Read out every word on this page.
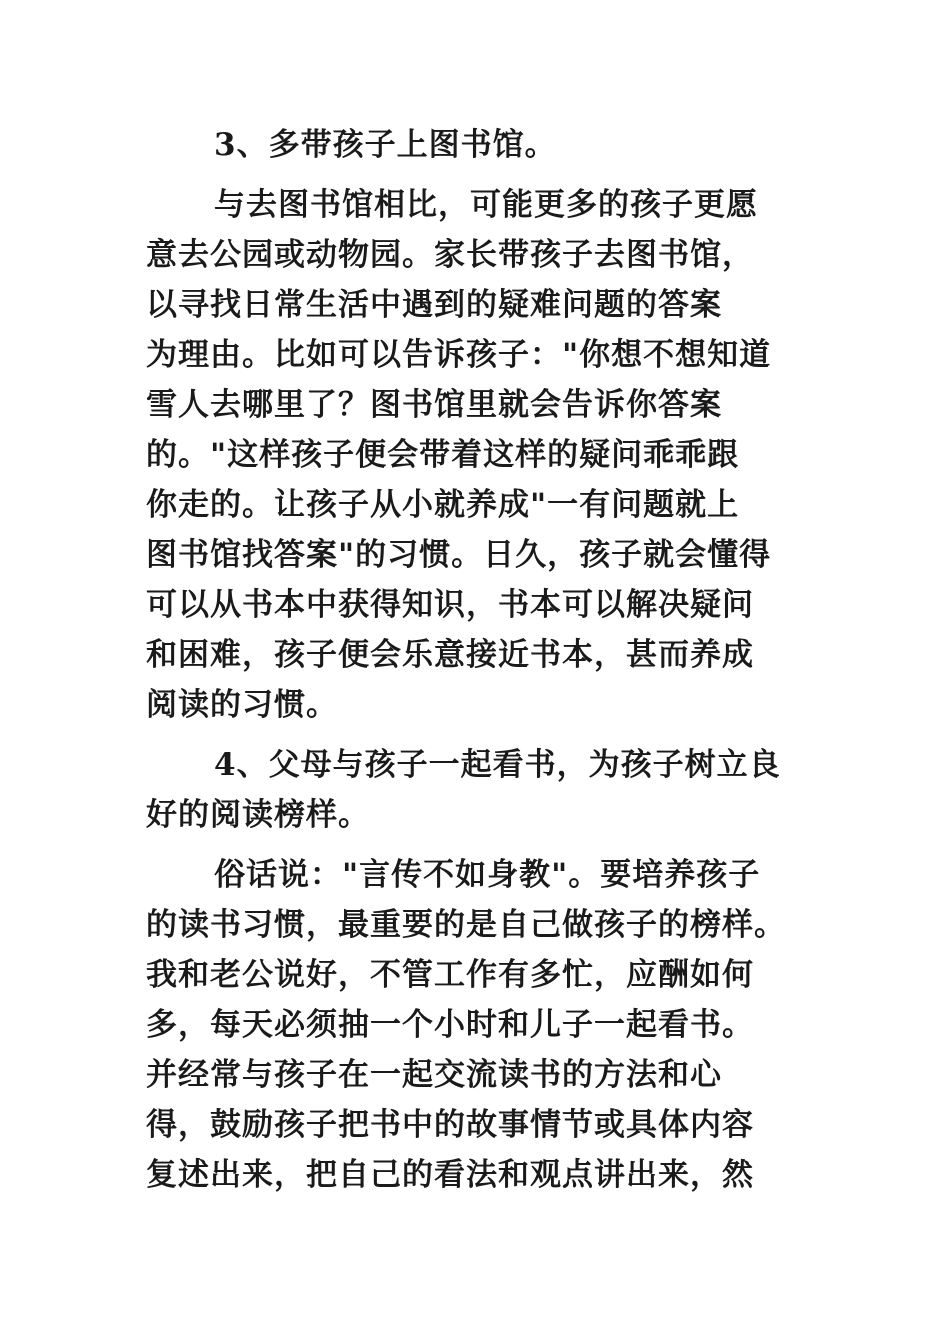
3、多带孩子上图书馆。

与去图书馆相比，可能更多的孩子更愿
意去公园或动物园。家长带孩子去图书馆，
以寻找日常生活中遇到的疑难问题的答案
为理由。比如可以告诉孩子："你想不想知道
雪人去哪里了？图书馆里就会告诉你答案
的。"这样孩子便会带着这样的疑问乖乖跟
你走的。让孩子从小就养成"一有问题就上
图书馆找答案"的习惯。日久，孩子就会懂得
可以从书本中获得知识，书本可以解决疑问
和困难，孩子便会乐意接近书本，甚而养成
阅读的习惯。

4、父母与孩子一起看书，为孩子树立良
好的阅读榜样。

俗话说："言传不如身教"。要培养孩子
的读书习惯，最重要的是自己做孩子的榜样。
我和老公说好，不管工作有多忙，应酬如何
多，每天必须抽一个小时和儿子一起看书。
并经常与孩子在一起交流读书的方法和心
得，鼓励孩子把书中的故事情节或具体内容
复述出来，把自己的看法和观点讲出来，然
